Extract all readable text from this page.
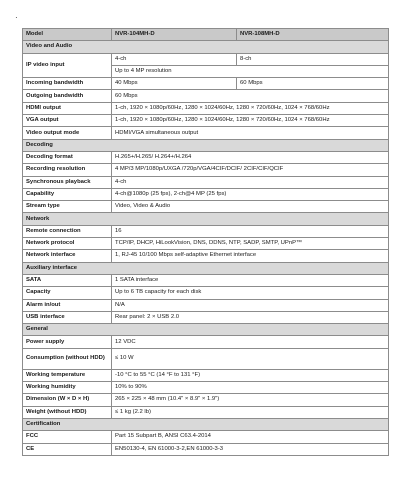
·
Model	NVR-104MH-D	NVR-108MH-D
Video and Audio		
IP video input	4-ch	8-ch
	Up to 4 MP resolution	
Incoming bandwidth	40 Mbps	60 Mbps
Outgoing bandwidth	60 Mbps	
HDMI output	1-ch, 1920 × 1080p/60Hz, 1280 × 1024/60Hz, 1280 × 720/60Hz, 1024 × 768/60Hz	
VGA output	1-ch, 1920 × 1080p/60Hz, 1280 × 1024/60Hz, 1280 × 720/60Hz, 1024 × 768/60Hz	
Video output mode	HDMI/VGA simultaneous output	
Decoding		
Decoding format	H.265+/H.265/ H.264+/H.264	
Recording resolution	4 MP/3 MP/1080p/UXGA /720p/VGA/4CIF/DCIF/ 2CIF/CIF/QCIF	
Synchronous playback	4-ch	
Capability	4-ch@1080p (25 fps), 2-ch@4 MP (25 fps)	
Stream type	Video, Video & Audio	
Network		
Remote connection	16	
Network protocol	TCP/IP, DHCP, HiLookVision, DNS, DDNS, NTP, SADP, SMTP, UPnP™	
Network interface	1, RJ-45 10/100 Mbps self-adaptive Ethernet interface	
Auxiliary interface		
SATA	1 SATA interface	
Capacity	Up to 6 TB capacity for each disk	
Alarm in/out	N/A	
USB interface	Rear panel: 2 × USB 2.0	
General		
Power supply	12 VDC	
Consumption (without HDD)	≤ 10 W	
Working temperature	-10 °C to 55 °C (14 °F to 131 °F)	
Working humidity	10% to 90%	
Dimension (W × D × H)	265 × 225 × 48 mm (10.4" × 8.9" × 1.9")	
Weight (without HDD)	≤ 1 kg (2.2 lb)	
Certification		
FCC	Part 15 Subpart B, ANSI C63.4-2014	
CE	EN50130-4, EN 61000-3-2,EN 61000-3-3	
